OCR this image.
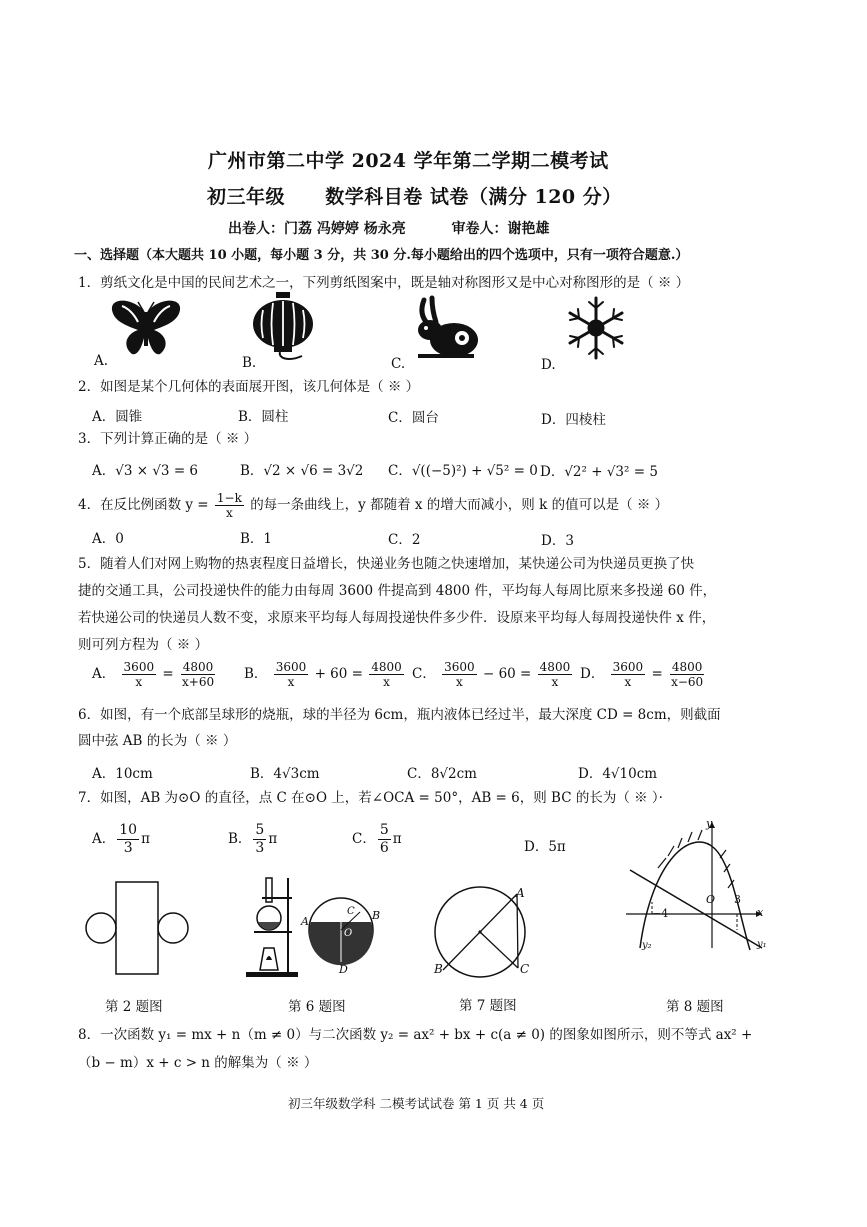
广州市第二中学 2024 学年第二学期二模考试
初三年级 数学科目卷 试卷（满分 120 分）
出卷人：门荔 冯婷婷 杨永亮	审卷人：谢艳雄
一、选择题（本大题共 10 小题，每小题 3 分，共 30 分.每小题给出的四个选项中，只有一项符合题意.）
1．剪纸文化是中国的民间艺术之一，下列剪纸图案中，既是轴对称图形又是中心对称图形的是（ ※ ）
A.	B.	C.	D.
2．如图是某个几何体的表面展开图，该几何体是（ ※ ）
A．圆锥	B．圆柱	C．圆台	D．四棱柱
3．下列计算正确的是（ ※ ）
A．√3 × √3 = 6	B．√2 × √6 = 3√2 C．√((−5)²) + √5² = 0 D．√2² + √3² = 5
4．在反比例函数 $y = \frac{1-k}{x}$ 的每一条曲线上，y 都随着 x 的增大而减小，则 k 的值可以是（ ※ ）
A．0	B．1	C．2	D．3
5．随着人们对网上购物的热衷程度日益增长，快递业务也随之快速增加，某快递公司为快递员更换了快
捷的交通工具，公司投递快件的能力由每周 3600 件提高到 4800 件，平均每人每周比原来多投递 60 件，
若快递公司的快递员人数不变，求原来平均每人每周投递快件多少件．设原来平均每人每周投递快件 x 件，
则可列方程为（ ※ ）
A． $\frac{3600}{x} = \frac{4800}{x+60}$ B． $\frac{3600}{x} + 60 = \frac{4800}{x}$ C． $\frac{3600}{x} - 60 = \frac{4800}{x}$ D． $\frac{3600}{x} = \frac{4800}{x-60}$
6．如图，有一个底部呈球形的烧瓶，球的半径为 6cm，瓶内液体已经过半，最大深度 CD = 8cm，则截面
圆中弦 AB 的长为（ ※ ）
A．10cm	B．4√3cm	C．8√2cm	D．4√10cm
7．如图，AB 为⊙O 的直径，点 C 在⊙O 上，若∠OCA = 50°，AB = 6，则 BC 的长为（ ※ ）·
A． $\frac{10}{3}$ π	B． $\frac{5}{3}$ π	C． $\frac{5}{6}$ π	D．5π
A	B
O
C
D
A
B	C
y
x
O 3
−4
y₂	y₁
第 2 题图	第 6 题图	第 7 题图	第 8 题图
8．一次函数 y₁ = mx + n（m ≠ 0）与二次函数 y₂ = ax² + bx + c(a ≠ 0) 的图象如图所示，则不等式 ax² +
（b − m）x + c > n 的解集为（ ※ ）
初三年级数学科 二模考试试卷 第 1 页 共 4 页
